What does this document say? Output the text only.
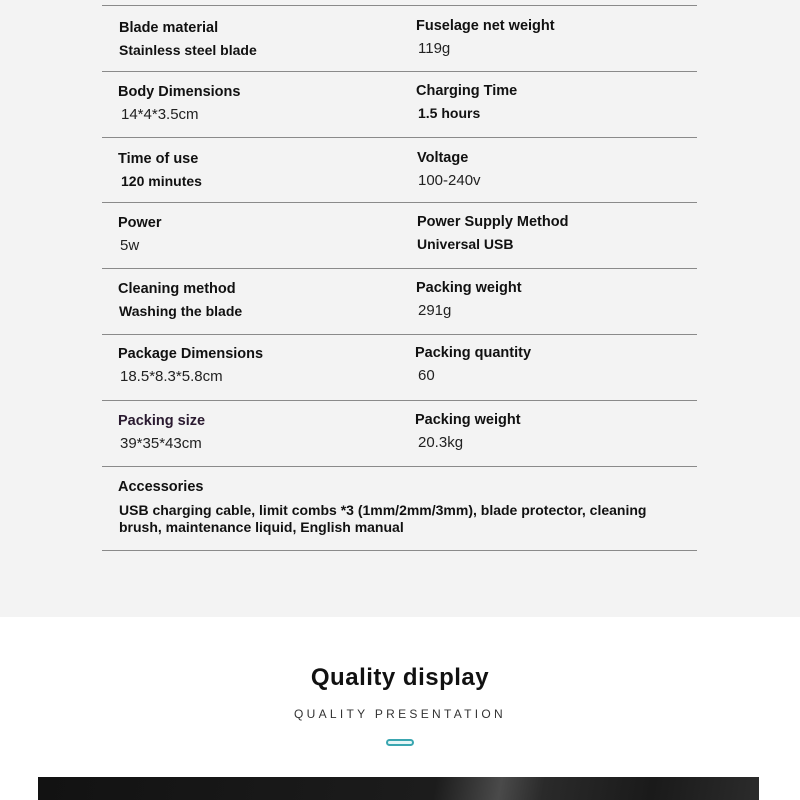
Blade material
Stainless steel blade
Fuselage net weight
119g
Body Dimensions
14*4*3.5cm
Charging Time
1.5 hours
Time of use
120 minutes
Voltage
100-240v
Power
5w
Power Supply Method
Universal USB
Cleaning method
Washing the blade
Packing weight
291g
Package Dimensions
18.5*8.3*5.8cm
Packing quantity
60
Packing size
39*35*43cm
Packing weight
20.3kg
Accessories
USB charging cable, limit combs *3 (1mm/2mm/3mm), blade protector, cleaning brush, maintenance liquid, English manual
Quality display
QUALITY PRESENTATION
